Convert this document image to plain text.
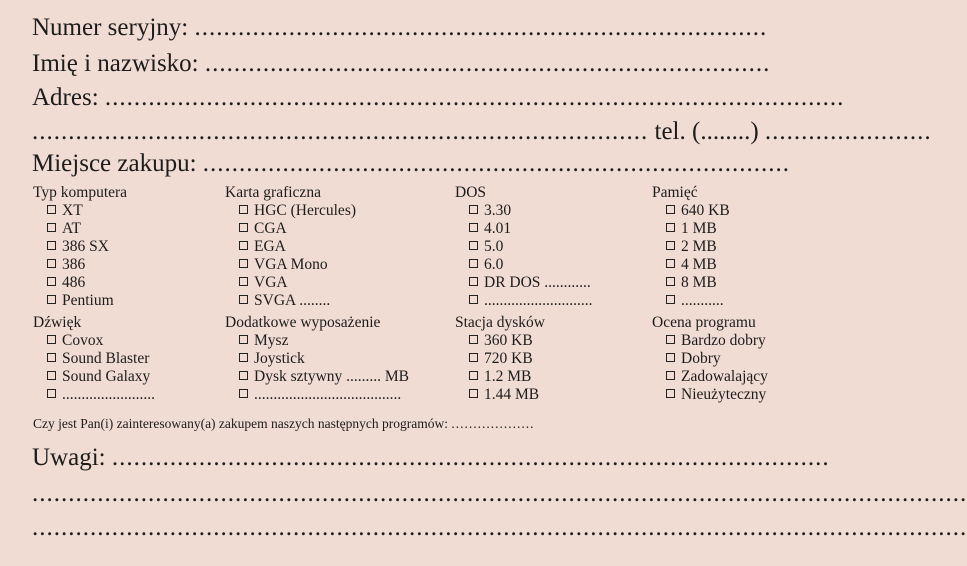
Numer seryjny: ...............................................................................
Imię i nazwisko: ..............................................................................
Adres: ......................................................................................................
..................................................................................... tel. (........) .......................
Miejsce zakupu: .................................................................................
Typ komputera
XT
AT
386 SX
386
486
Pentium
Karta graficzna
HGC (Hercules)
CGA
EGA
VGA Mono
VGA
SVGA ........
DOS
3.30
4.01
5.0
6.0
DR DOS ............
............................
Pamięć
640 KB
1 MB
2 MB
4 MB
8 MB
...........
Dźwięk
Covox
Sound Blaster
Sound Galaxy
........................
Dodatkowe wyposażenie
Mysz
Joystick
Dysk sztywny ......... MB
......................................
Stacja dysków
360 KB
720 KB
1.2 MB
1.44 MB
Ocena programu
Bardzo dobry
Dobry
Zadowalający
Nieużyteczny
Czy jest Pan(i) zainteresowany(a) zakupem naszych następnych programów: ...................
Uwagi: ...................................................................................................
.................................................................................................................................
.................................................................................................................................
